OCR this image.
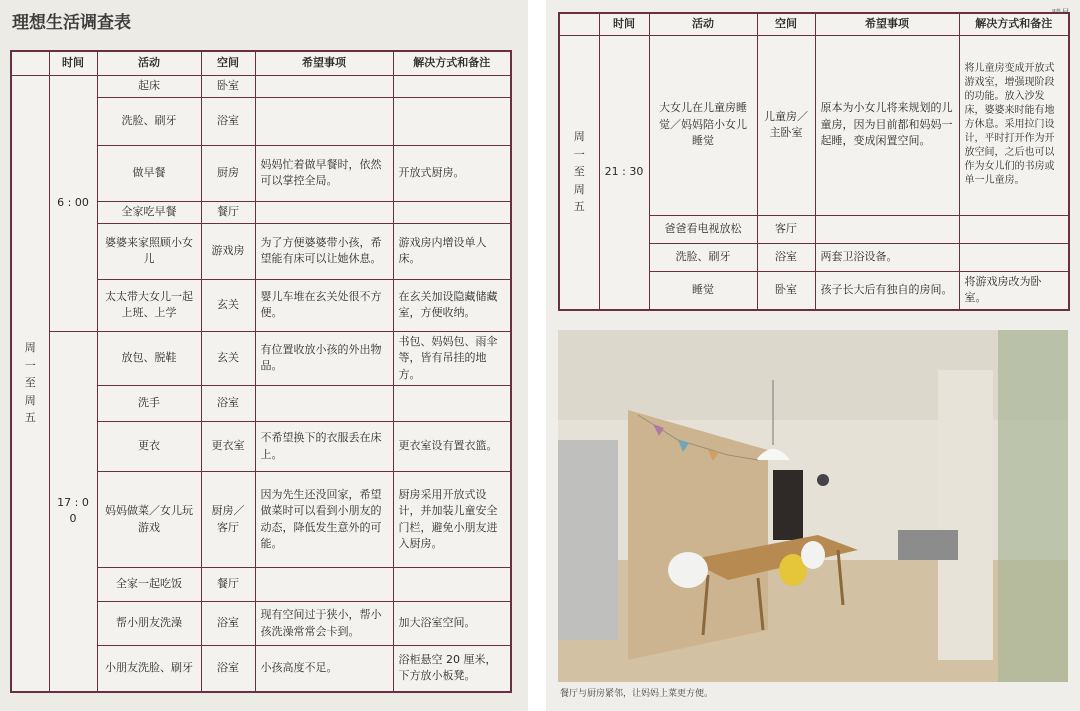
理想生活调查表
	时间	活动	空间	希望事项	解决方式和备注

周
一
至
周
五	6 : 00	起床	卧室		
		洗脸、刷牙	浴室		
		做早餐	厨房	妈妈忙着做早餐时，依然可以掌控全局。	开放式厨房。
		全家吃早餐	餐厅		
		婆婆来家照顾小女儿	游戏房	为了方便婆婆带小孩，希望能有床可以让她休息。	游戏房内增设单人床。
		太太带大女儿一起上班、上学	玄关	婴儿车堆在玄关处很不方便。	在玄关加设隐藏储藏室，方便收纳。
	17 : 00	放包、脱鞋	玄关	有位置收放小孩的外出物品。	书包、妈妈包、雨伞等，皆有吊挂的地方。
		洗手	浴室		
		更衣	更衣室	不希望换下的衣服丢在床上。	更衣室设有置衣篮。
		妈妈做菜／女儿玩游戏	厨房／客厅	因为先生还没回家，希望做菜时可以看到小朋友的动态，降低发生意外的可能。	厨房采用开放式设计，并加装儿童安全门栏，避免小朋友进入厨房。
		全家一起吃饭	餐厅		
		帮小朋友洗澡	浴室	现有空间过于狭小，帮小孩洗澡常常会卡到。	加大浴室空间。
		小朋友洗脸、刷牙	浴室	小孩高度不足。	浴柜悬空 20 厘米，下方放小板凳。
	时间	活动	空间	希望事项	解决方式和备注

周
一
至
周
五	21 : 30	大女儿在儿童房睡觉／妈妈陪小女儿睡觉	儿童房／主卧室	原本为小女儿将来规划的儿童房，因为目前都和妈妈一起睡，变成闲置空间。	将儿童房变成开放式游戏室，增强现阶段的功能。放入沙发床，婆婆来时能有地方休息。采用拉门设计，平时打开作为开放空间，之后也可以作为女儿们的书房或单一儿童房。
		爸爸看电视放松	客厅		
		洗脸、刷牙	浴室	两套卫浴设备。	
		睡觉	卧室	孩子长大后有独自的房间。	将游戏房改为卧室。
餐厅与厨房紧邻，让妈妈上菜更方便。
